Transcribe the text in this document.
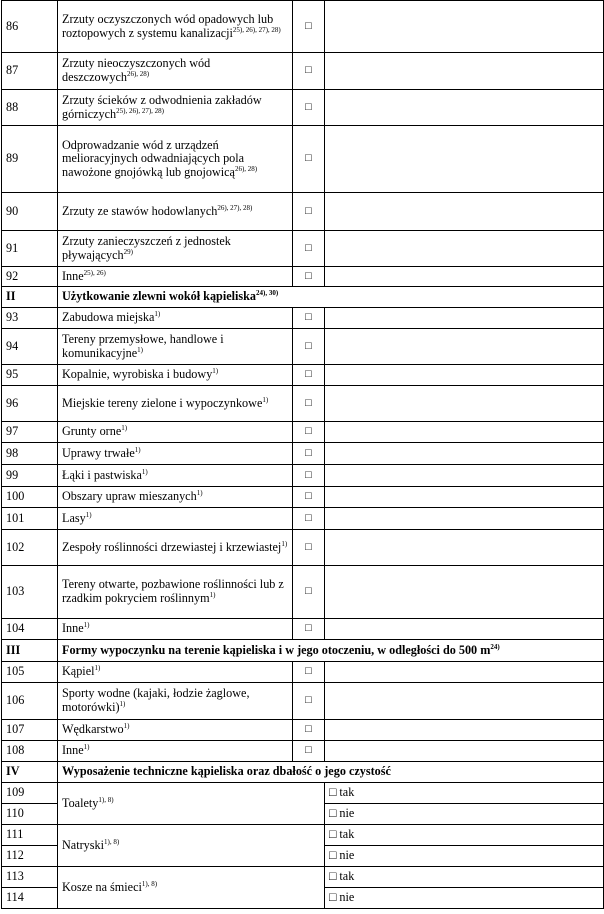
86	Zrzuty oczyszczonych wód opadowych lub roztopowych z systemu kanalizacji$^{25), 26), 27), 28)}$	□	
87	Zrzuty nieoczyszczonych wód deszczowych$^{26), 28)}$	□	
88	Zrzuty ścieków z odwodnienia zakładów górniczych$^{25), 26), 27), 28)}$	□	
89	Odprowadzanie wód z urządzeń melioracyjnych odwadniających pola nawożone gnojówką lub gnojowicą$^{26), 28)}$	□	
90	Zrzuty ze stawów hodowlanych$^{26), 27), 28)}$	□	
91	Zrzuty zanieczyszczeń z jednostek pływających$^{29)}$	□	
92	Inne$^{25), 26)}$	□	
II	Użytkowanie zlewni wokół kąpieliska$^{24), 30)}$
93	Zabudowa miejska$^{1)}$	□	
94	Tereny przemysłowe, handlowe i komunikacyjne$^{1)}$	□	
95	Kopalnie, wyrobiska i budowy$^{1)}$	□	
96	Miejskie tereny zielone i wypoczynkowe$^{1)}$	□	
97	Grunty orne$^{1)}$	□	
98	Uprawy trwałe$^{1)}$	□	
99	Łąki i pastwiska$^{1)}$	□	
100	Obszary upraw mieszanych$^{1)}$	□	
101	Lasy$^{1)}$	□	
102	Zespoły roślinności drzewiastej i krzewiastej$^{1)}$	□	
103	Tereny otwarte, pozbawione roślinności lub z rzadkim pokryciem roślinnym$^{1)}$	□	
104	Inne$^{1)}$	□	
III	Formy wypoczynku na terenie kąpieliska i w jego otoczeniu, w odległości do 500 $m^{24)}$
105	Kąpiel$^{1)}$	□	
106	Sporty wodne (kajaki, łodzie żaglowe, motorówki)$^{1)}$	□	
107	Wędkarstwo$^{1)}$	□	
108	Inne$^{1)}$	□	
IV	Wyposażenie techniczne kąpieliska oraz dbałość o jego czystość		
109	Toalety$^{1), 8)}$		□ tak
110			□ nie
111	Natryski$^{1), 8)}$		□ tak
112			□ nie
113	Kosze na śmieci$^{1), 8)}$		□ tak
114			□ nie
